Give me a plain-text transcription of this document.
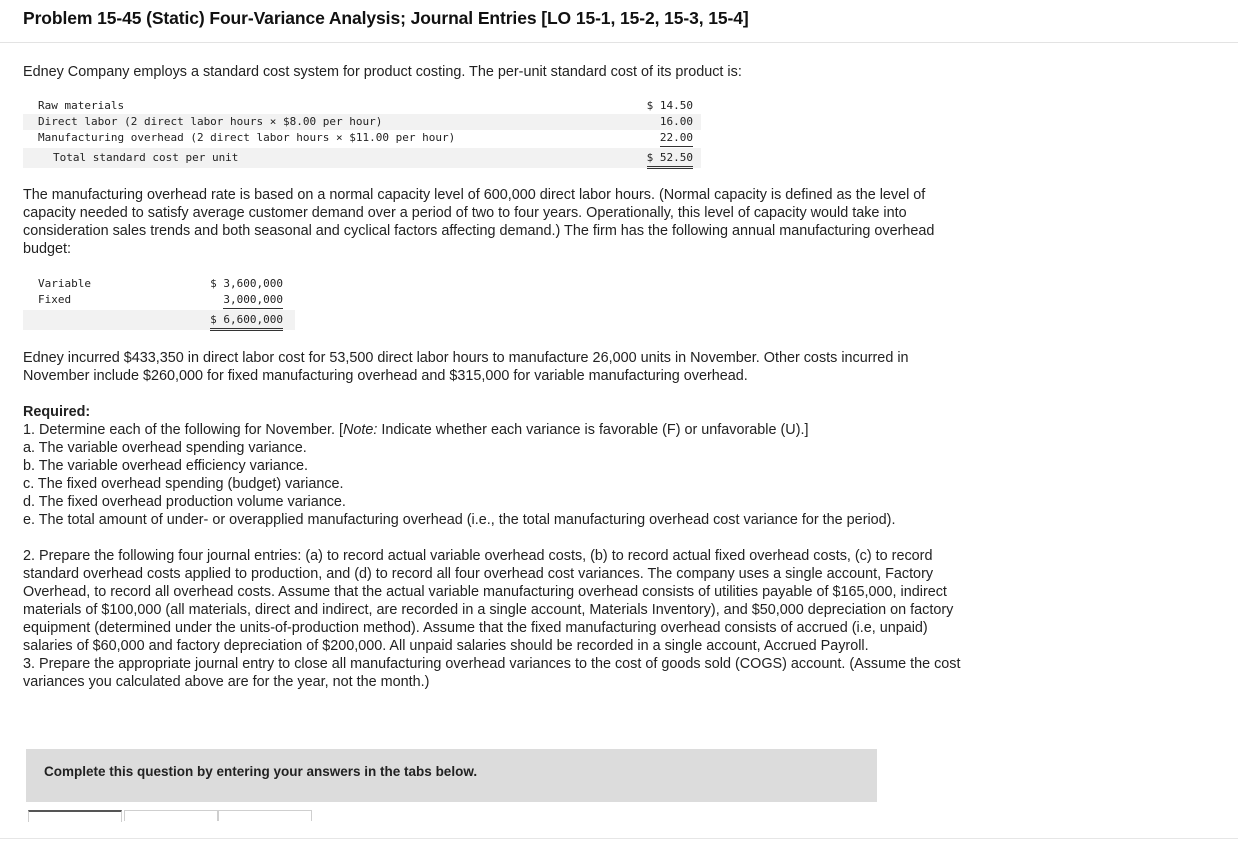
Problem 15-45 (Static) Four-Variance Analysis; Journal Entries [LO 15-1, 15-2, 15-3, 15-4]
Edney Company employs a standard cost system for product costing. The per-unit standard cost of its product is:
Raw materials	$ 14.50
Direct labor (2 direct labor hours × $8.00 per hour)	16.00
Manufacturing overhead (2 direct labor hours × $11.00 per hour)	22.00
Total standard cost per unit	$ 52.50
The manufacturing overhead rate is based on a normal capacity level of 600,000 direct labor hours. (Normal capacity is defined as the level of capacity needed to satisfy average customer demand over a period of two to four years. Operationally, this level of capacity would take into consideration sales trends and both seasonal and cyclical factors affecting demand.) The firm has the following annual manufacturing overhead budget:
Variable	$ 3,600,000
Fixed	3,000,000
$ 6,600,000
Edney incurred $433,350 in direct labor cost for 53,500 direct labor hours to manufacture 26,000 units in November. Other costs incurred in November include $260,000 for fixed manufacturing overhead and $315,000 for variable manufacturing overhead.
Required:
1. Determine each of the following for November. [Note: Indicate whether each variance is favorable (F) or unfavorable (U).]
a. The variable overhead spending variance.
b. The variable overhead efficiency variance.
c. The fixed overhead spending (budget) variance.
d. The fixed overhead production volume variance.
e. The total amount of under- or overapplied manufacturing overhead (i.e., the total manufacturing overhead cost variance for the period).
2. Prepare the following four journal entries: (a) to record actual variable overhead costs, (b) to record actual fixed overhead costs, (c) to record standard overhead costs applied to production, and (d) to record all four overhead cost variances. The company uses a single account, Factory Overhead, to record all overhead costs. Assume that the actual variable manufacturing overhead consists of utilities payable of $165,000, indirect materials of $100,000 (all materials, direct and indirect, are recorded in a single account, Materials Inventory), and $50,000 depreciation on factory equipment (determined under the units-of-production method). Assume that the fixed manufacturing overhead consists of accrued (i.e, unpaid) salaries of $60,000 and factory depreciation of $200,000. All unpaid salaries should be recorded in a single account, Accrued Payroll.
3. Prepare the appropriate journal entry to close all manufacturing overhead variances to the cost of goods sold (COGS) account. (Assume the cost variances you calculated above are for the year, not the month.)
Complete this question by entering your answers in the tabs below.
